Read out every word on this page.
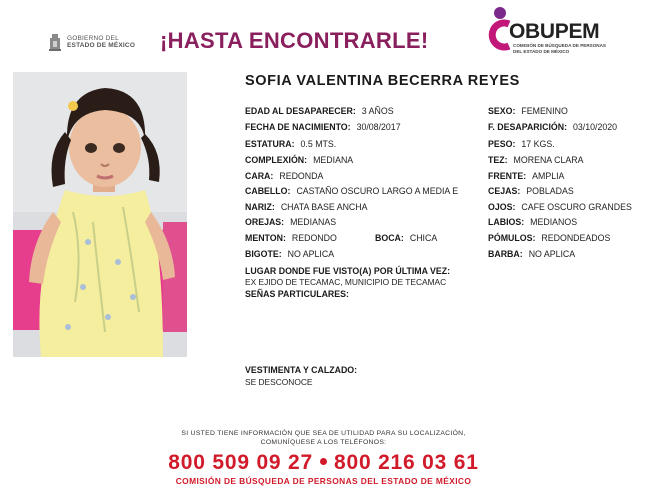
GOBIERNO DEL
ESTADO DE MÉXICO ¡HASTA ENCONTRARLE!	OBUPEM
COMISIÓN DE BÚSQUEDA DE PERSONAS
DEL ESTADO DE MÉXICO
SOFIA VALENTINA BECERRA REYES
EDAD AL DESAPARECER: 3 AÑOS
FECHA DE NACIMIENTO: 30/08/2017
ESTATURA: 0.5 MTS.
COMPLEXIÓN: MEDIANA
CARA: REDONDA
CABELLO: CASTAÑO OSCURO LARGO A MEDIA E
NARIZ: CHATA BASE ANCHA
OREJAS: MEDIANAS
MENTON: REDONDO	BOCA: CHICA
BIGOTE: NO APLICA
SEXO: FEMENINO
F. DESAPARICIÓN: 03/10/2020
PESO: 17 KGS.
TEZ: MORENA CLARA
FRENTE: AMPLIA
CEJAS: POBLADAS
OJOS: CAFE OSCURO GRANDES
LABIOS: MEDIANOS
PÓMULOS: REDONDEADOS
BARBA: NO APLICA
LUGAR DONDE FUE VISTO(A) POR ÚLTIMA VEZ:
EX EJIDO DE TECAMAC, MUNICIPIO DE TECAMAC
SEÑAS PARTICULARES:
VESTIMENTA Y CALZADO:
SE DESCONOCE
SI USTED TIENE INFORMACIÓN QUE SEA DE UTILIDAD PARA SU LOCALIZACIÓN,
COMUNÍQUESE A LOS TELÉFONOS:
800 509 09 27 800 216 03 61
COMISIÓN DE BÚSQUEDA DE PERSONAS DEL ESTADO DE MÉXICO
